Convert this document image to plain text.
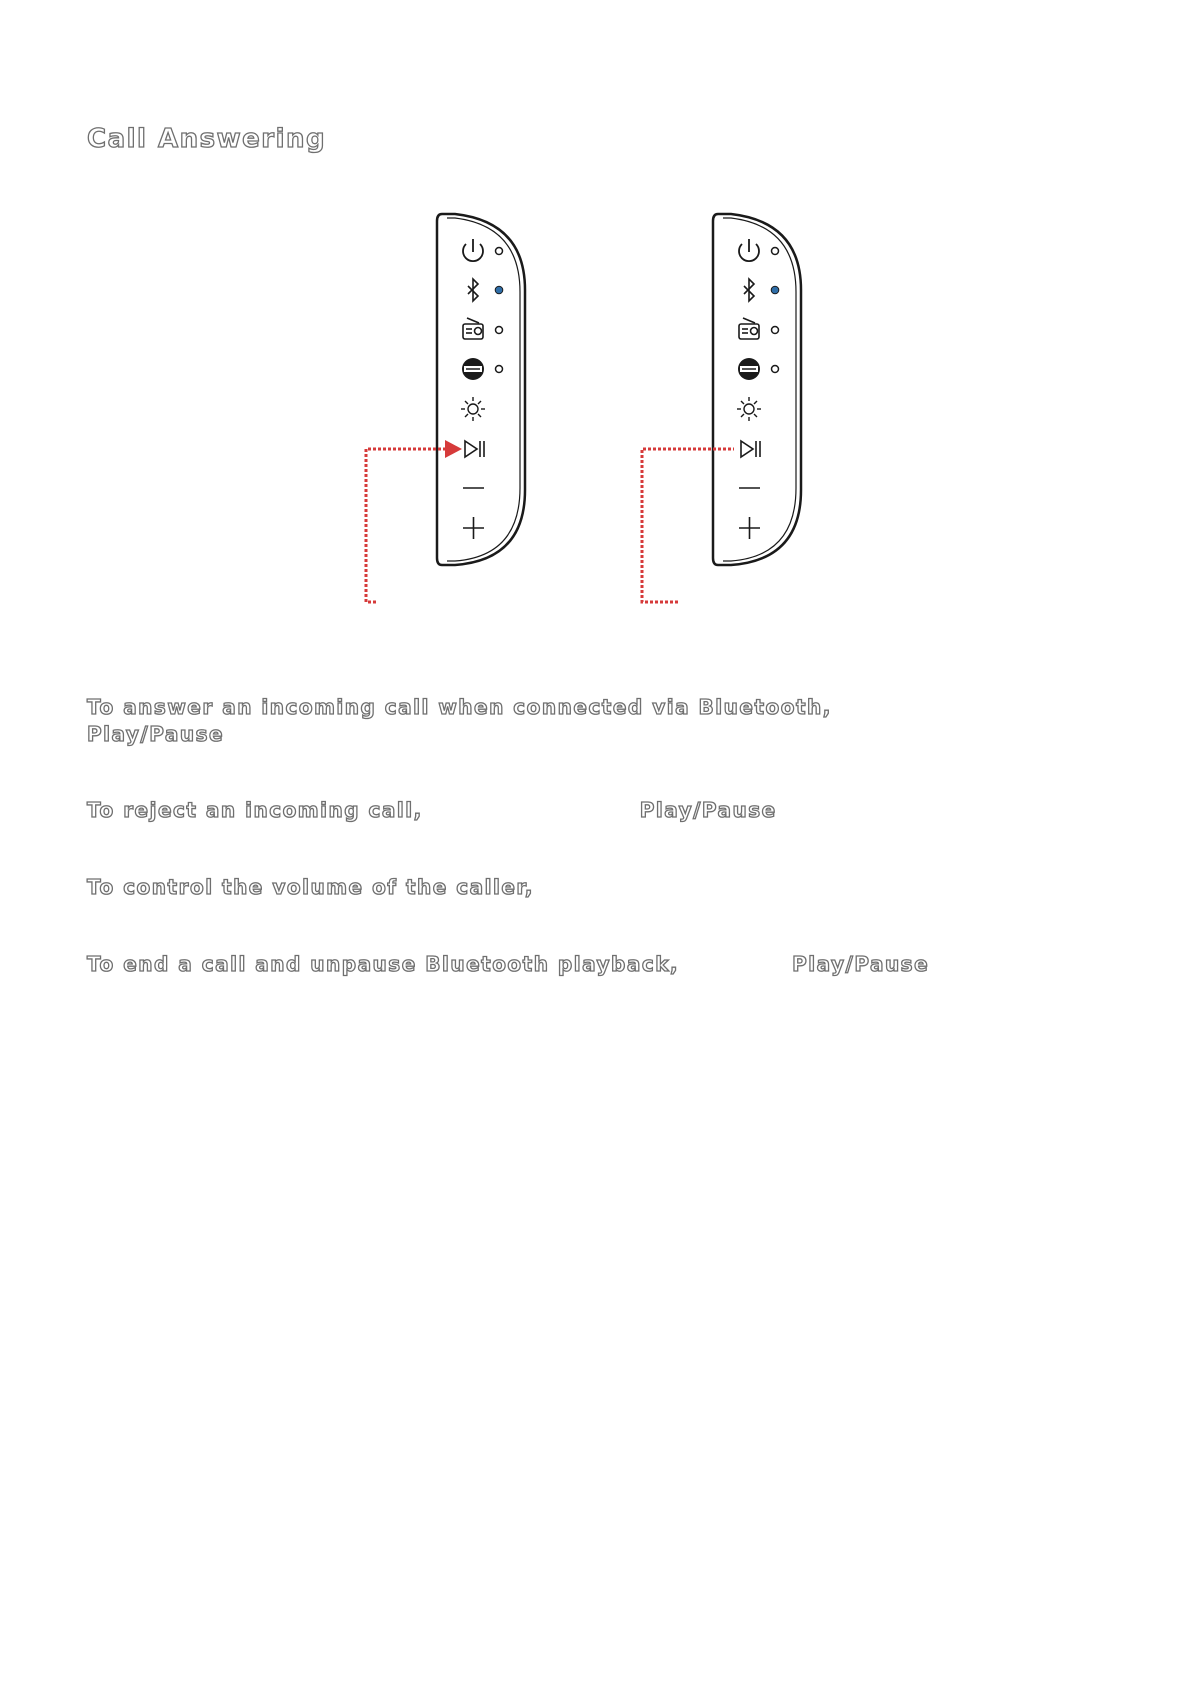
Call Answering
To answer an incoming call when connected via Bluetooth,
Play/Pause
To reject an incoming call,	Play/Pause
To control the volume of the caller,
To end a call and unpause Bluetooth playback,	Play/Pause
